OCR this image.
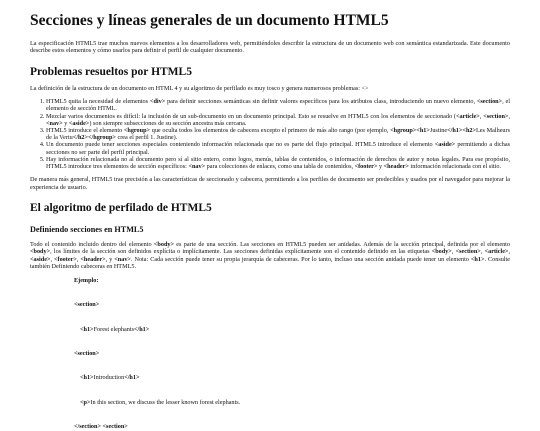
Secciones y líneas generales de un documento HTML5

La especificación HTML5 trae muchos nuevos elementos a los desarrolladores web, permitiéndoles describir la estructura de un documento web con semántica estandarizada. Este documento describe estos elementos y cómo usarlos para definir el perfil de cualquier documento.

Problemas resueltos por HTML5

La definición de la estructura de un documento en HTML 4 y su algoritmo de perfilado es muy tosco y genera numerosos problemas: <>

1. HTML5 quita la necesidad de elementos <div> para definir secciones semánticas sin definir valores específicos para los atributos class, introduciendo un nuevo elemento, <section>, el elemento de sección HTML.
2. Mezclar varios documentos es difícil: la inclusión de un sub-documento en un documento principal. Esto se resuelve en HTML5 con los elementos de seccionado (<article>, <section>, <nav> y <aside>) son siempre subsecciones de su sección ancestra más cercana.
3. HTML5 introduce el elemento <hgroup> que oculta todos los elementos de cabecera excepto el primero de más alto rango (por ejemplo, <hgroup><h1>Justine</h1><h2>Les Malheurs de la Vertu</h2></hgroup> crea el perfil 1. Justine).
4. Un documento puede tener secciones especiales conteniendo información relacionada que no es parte del flujo principal. HTML5 introduce el elemento <aside> permitiendo a dichas secciones no ser parte del perfil principal.
5. Hay información relacionada no al documento pero sí al sitio entero, como logos, menús, tablas de contenidos, o información de derechos de autor y notas legales. Para ese propósito, HTML5 introduce tres elementos de sección específicos: <nav> para colecciones de enlaces, como una tabla de contenidos, <footer> y <header> información relacionada con el sitio.

De manera más general, HTML5 trae precisión a las características de seccionado y cabecera, permitiendo a los perfiles de documento ser predecibles y usados por el navegador para mejorar la experiencia de usuario.

El algoritmo de perfilado de HTML5
Definiendo secciones en HTML5

Todo el contenido incluido dentro del elemento <body> es parte de una sección. Las secciones en HTML5 pueden ser anidadas. Además de la sección principal, definida por el elemento <body>, los límites de la sección son definidos explícita o implícitamente. Las secciones definidas explícitamente son el contenido definido en las etiquetas <body>, <section>, <article>, <aside>, <footer>, <header>, y <nav>. Nota: Cada sección puede tener su propia jerarquía de cabeceras. Por lo tanto, incluso una sección anidada puede tener un elemento <h1>. Consulte también Definiendo cabeceras en HTML5.

Ejemplo:
<section>
<h1>Forest elephants</h1>
<section>
<h1>Introduction</h1>
<p>In this section, we discuss the lesser known forest elephants.
</section> <section>
